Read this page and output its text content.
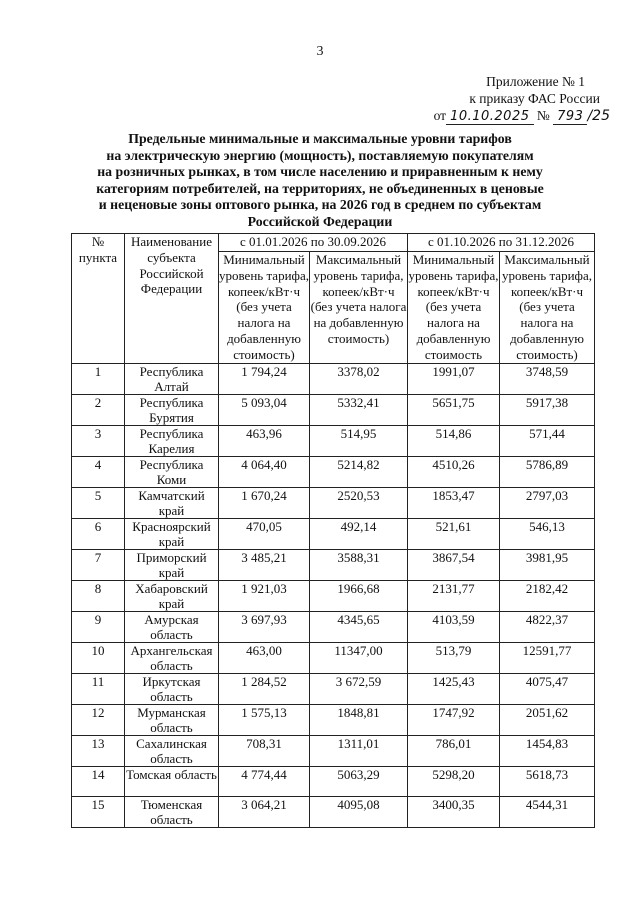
3
Приложение № 1
к приказу ФАС России
от 10.10.2025 № 793 /25
Предельные минимальные и максимальные уровни тарифов
на электрическую энергию (мощность), поставляемую покупателям
на розничных рынках, в том числе населению и приравненным к нему
категориям потребителей, на территориях, не объединенных в ценовые
и неценовые зоны оптового рынка, на 2026 год в среднем по субъектам
Российской Федерации
№ пункта	Наименование субъекта Российской Федерации	с 01.01.2026 по 30.09.2026		с 01.10.2026 по 31.12.2026	
		Минимальный уровень тарифа, копеек/кВт·ч (без учета налога на добавленную стоимость)	Максимальный уровень тарифа, копеек/кВт·ч (без учета налога на добавленную стоимость)	Минимальный уровень тарифа, копеек/кВт·ч (без учета налога на добавленную стоимость	Максимальный уровень тарифа, копеек/кВт·ч (без учета налога на добавленную стоимость)
1	Республика Алтай	1 794,24	3378,02	1991,07	3748,59
2	Республика Бурятия	5 093,04	5332,41	5651,75	5917,38
3	Республика Карелия	463,96	514,95	514,86	571,44
4	Республика Коми	4 064,40	5214,82	4510,26	5786,89
5	Камчатский край	1 670,24	2520,53	1853,47	2797,03
6	Красноярский край	470,05	492,14	521,61	546,13
7	Приморский край	3 485,21	3588,31	3867,54	3981,95
8	Хабаровский край	1 921,03	1966,68	2131,77	2182,42
9	Амурская область	3 697,93	4345,65	4103,59	4822,37
10	Архангельская область	463,00	11347,00	513,79	12591,77
11	Иркутская область	1 284,52	3 672,59	1425,43	4075,47
12	Мурманская область	1 575,13	1848,81	1747,92	2051,62
13	Сахалинская область	708,31	1311,01	786,01	1454,83
14	Томская область	4 774,44	5063,29	5298,20	5618,73
15	Тюменская область	3 064,21	4095,08	3400,35	4544,31
